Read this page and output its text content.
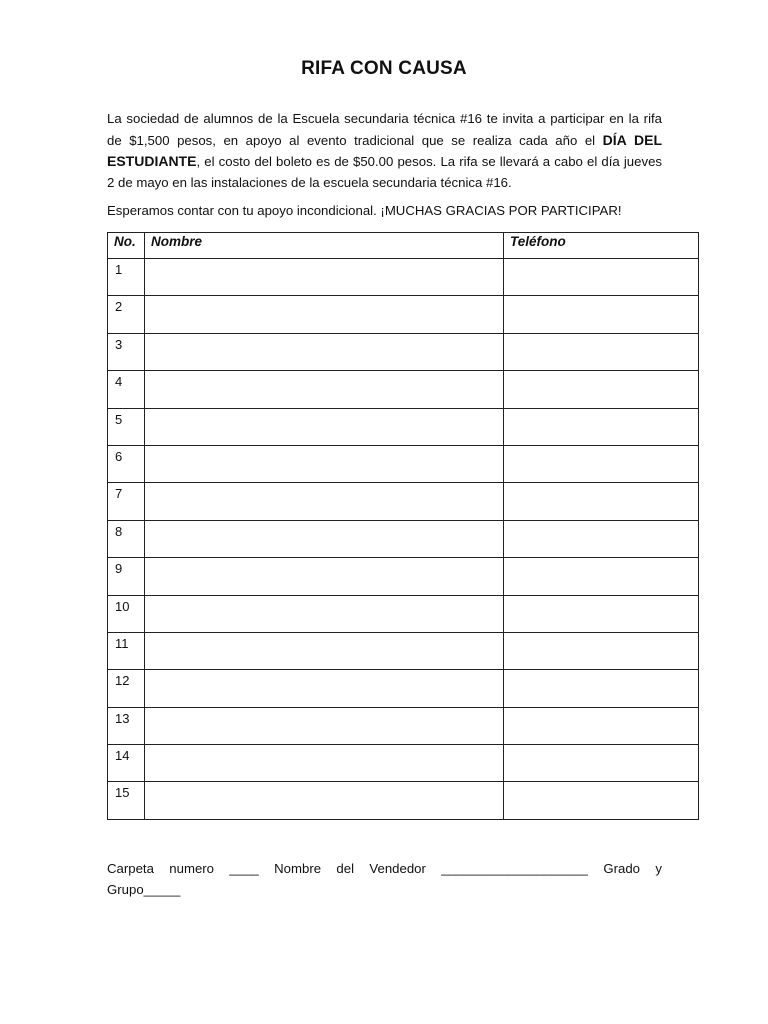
RIFA CON CAUSA

La sociedad de alumnos de la Escuela secundaria técnica #16 te invita a participar en la rifa de $1,500 pesos, en apoyo al evento tradicional que se realiza cada año el DÍA DEL ESTUDIANTE, el costo del boleto es de $50.00 pesos. La rifa se llevará a cabo el día jueves 2 de mayo en las instalaciones de la escuela secundaria técnica #16.

Esperamos contar con tu apoyo incondicional. ¡MUCHAS GRACIAS POR PARTICIPAR!

No.	Nombre	Teléfono
1		
2		
3		
4		
5		
6		
7		
8		
9		
10		
11		
12		
13		
14		
15		

Carpeta numero ____ Nombre del Vendedor ____________________ Grado y

Grupo_____
